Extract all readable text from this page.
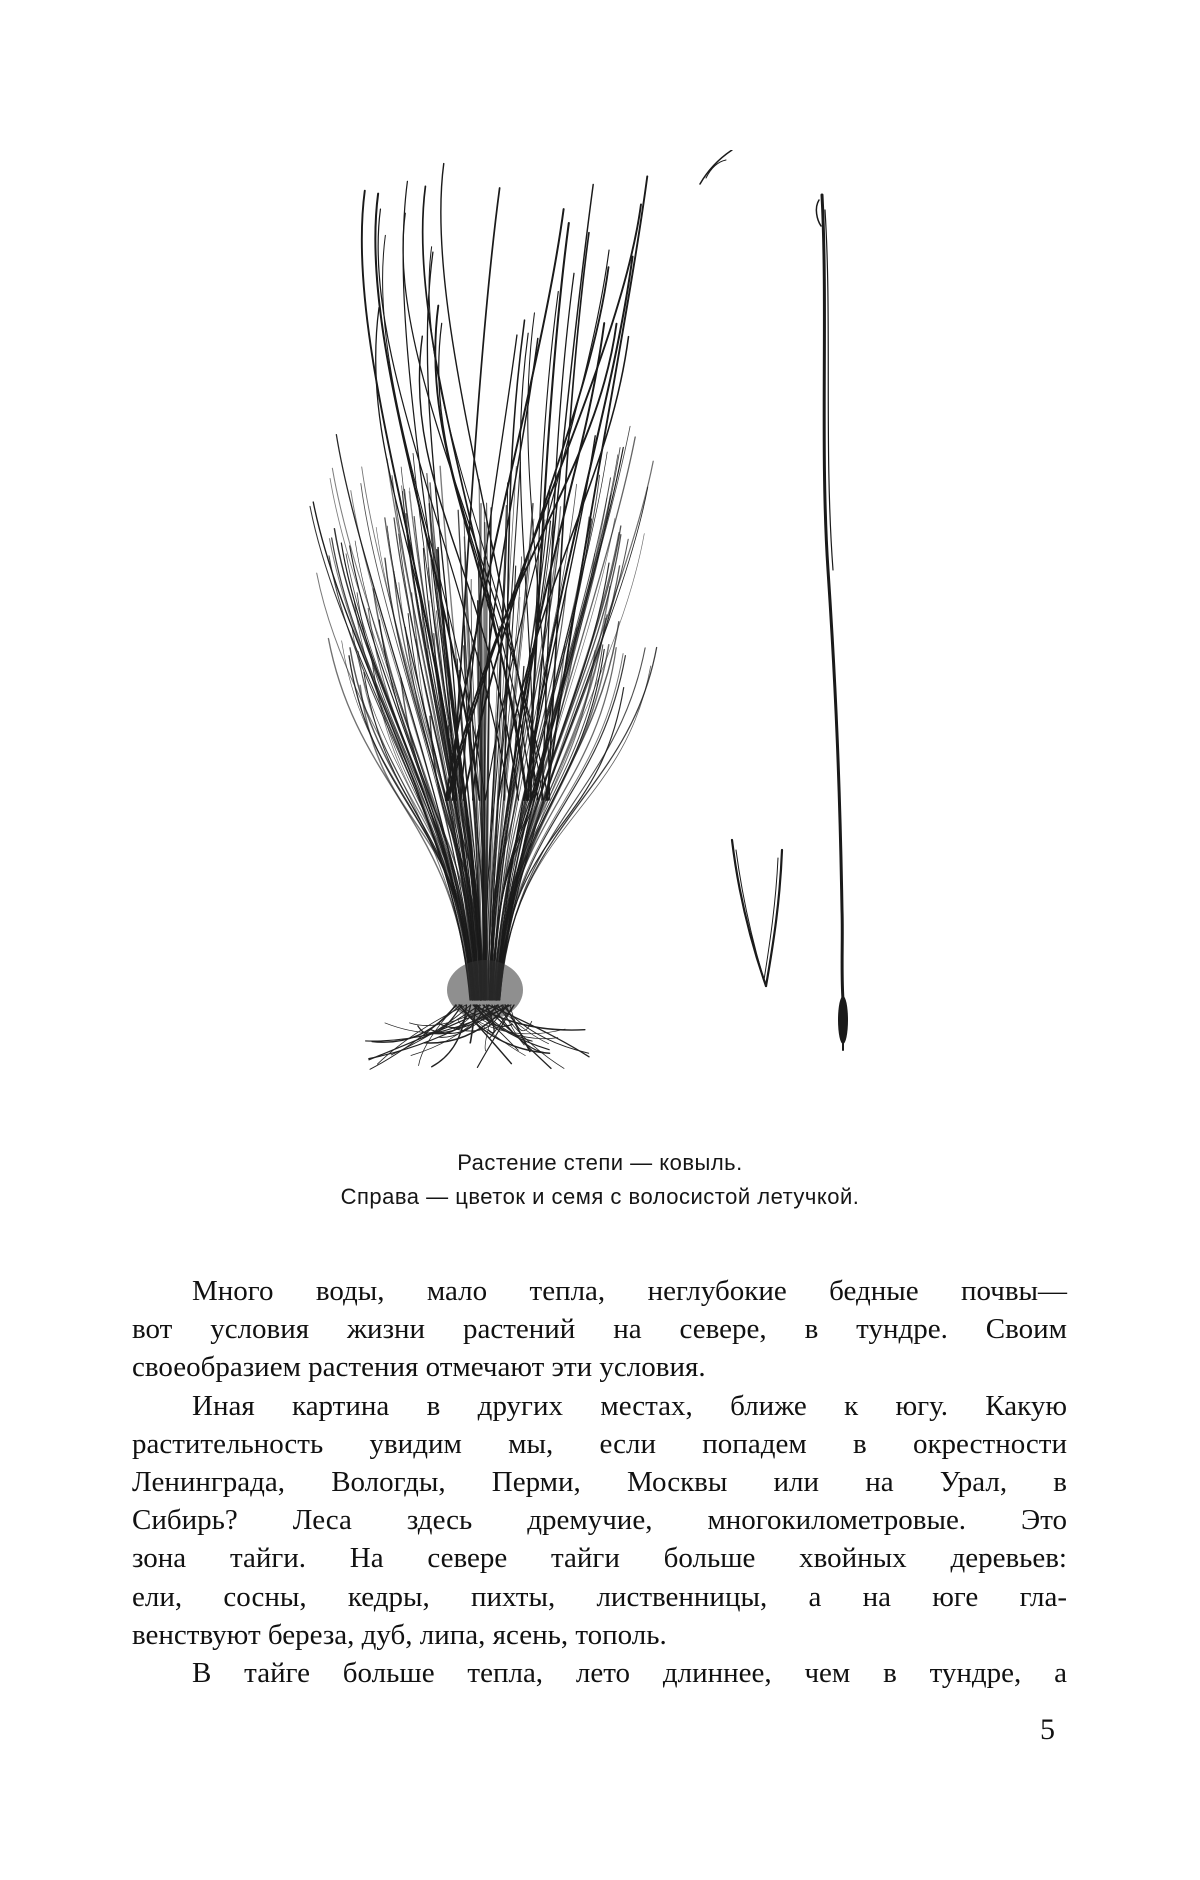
Растение степи — ковыль.
Справа — цветок и семя с волосистой летучкой.
Много воды, мало тепла, неглубокие бедные почвы—
вот условия жизни растений на севере, в тундре. Своим
своеобразием растения отмечают эти условия.
Иная картина в других местах, ближе к югу. Какую
растительность увидим мы, если попадем в окрестности
Ленинграда, Вологды, Перми, Москвы или на Урал, в
Сибирь? Леса здесь дремучие, многокилометровые. Это
зона тайги. На севере тайги больше хвойных деревьев:
ели, сосны, кедры, пихты, лиственницы, а на юге гла-
венствуют береза, дуб, липа, ясень, тополь.
В тайге больше тепла, лето длиннее, чем в тундре, а
5
